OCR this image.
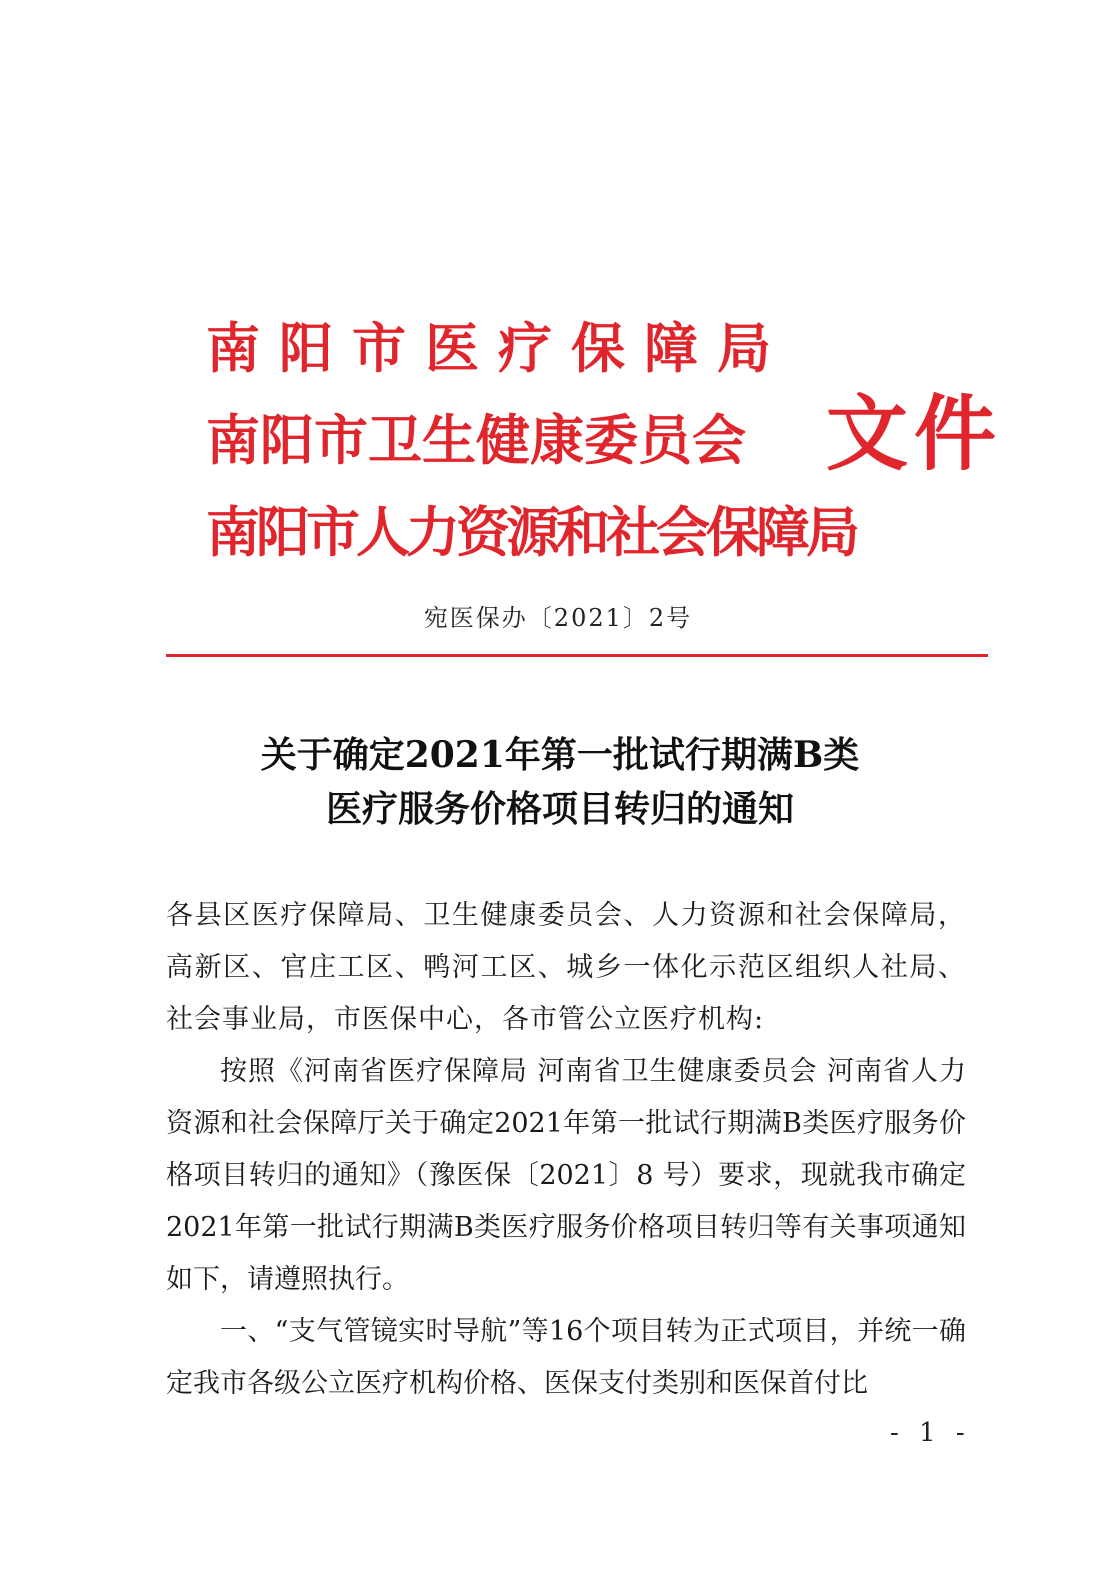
南阳市医疗保障局
南阳市卫生健康委员会
南阳市人力资源和社会保障局
文件
宛医保办〔2021〕2号
关于确定2021年第一批试行期满B类
医疗服务价格项目转归的通知

各县区医疗保障局、卫生健康委员会、人力资源和社会保障局，高新区、官庄工区、鸭河工区、城乡一体化示范区组织人社局、社会事业局，市医保中心，各市管公立医疗机构:

按照《河南省医疗保障局 河南省卫生健康委员会 河南省人力资源和社会保障厅关于确定2021年第一批试行期满B类医疗服务价格项目转归的通知》（豫医保〔2021〕8 号）要求，现就我市确定2021年第一批试行期满B类医疗服务价格项目转归等有关事项通知如下，请遵照执行。

一、“支气管镜实时导航”等16个项目转为正式项目，并统一确定我市各级公立医疗机构价格、医保支付类别和医保首付比

- 1 -
